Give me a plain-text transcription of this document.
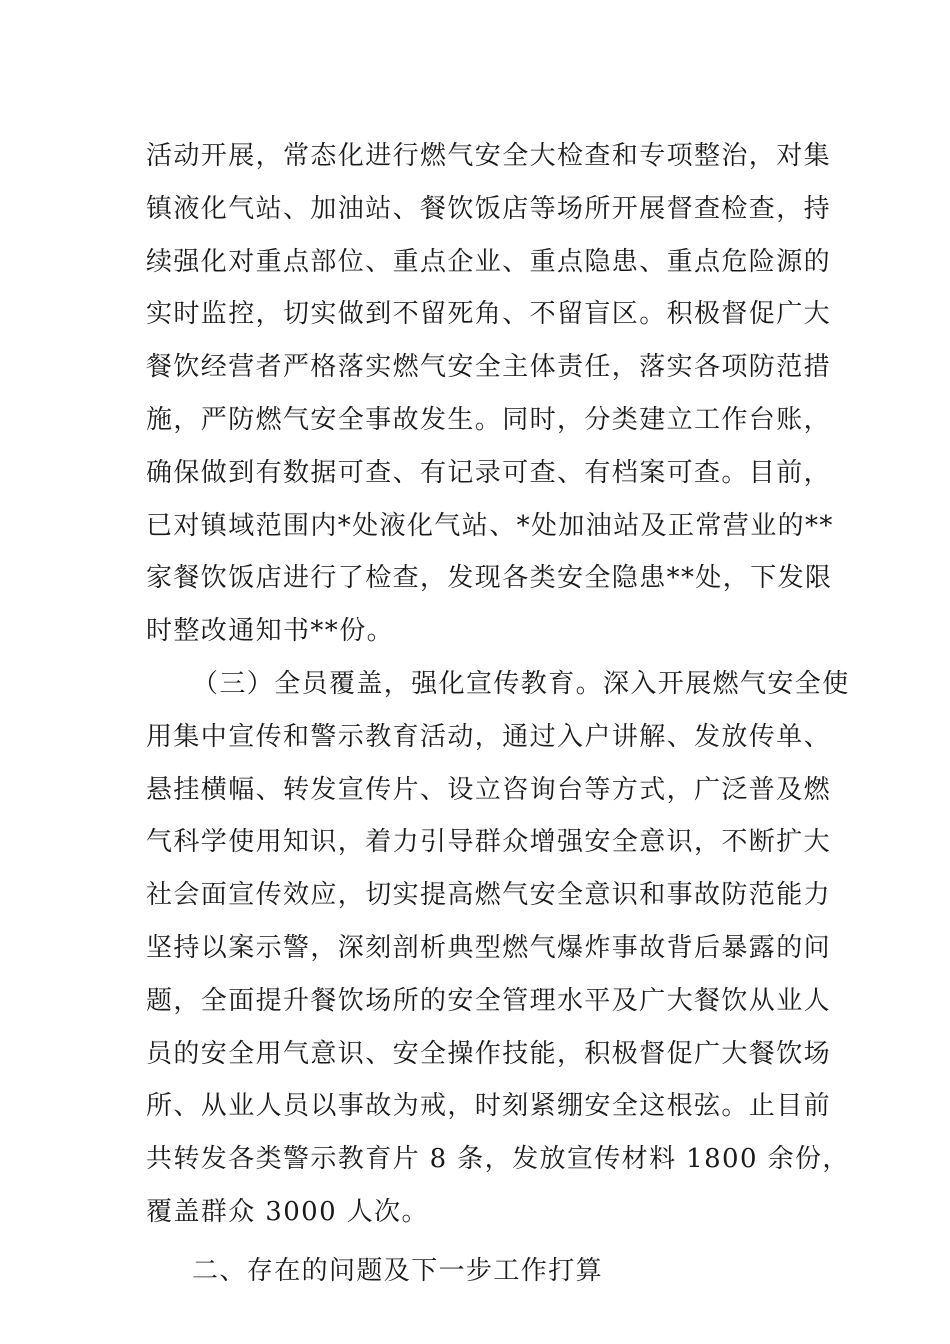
活动开展，常态化进行燃气安全大检查和专项整治，对集
镇液化气站、加油站、餐饮饭店等场所开展督查检查，持
续强化对重点部位、重点企业、重点隐患、重点危险源的
实时监控，切实做到不留死角、不留盲区。积极督促广大
餐饮经营者严格落实燃气安全主体责任，落实各项防范措
施，严防燃气安全事故发生。同时，分类建立工作台账，
确保做到有数据可查、有记录可查、有档案可查。目前，
已对镇域范围内*处液化气站、*处加油站及正常营业的**
家餐饮饭店进行了检查，发现各类安全隐患**处，下发限
时整改通知书**份。
（三）全员覆盖，强化宣传教育。深入开展燃气安全使
用集中宣传和警示教育活动，通过入户讲解、发放传单、
悬挂横幅、转发宣传片、设立咨询台等方式，广泛普及燃
气科学使用知识，着力引导群众增强安全意识，不断扩大
社会面宣传效应，切实提高燃气安全意识和事故防范能力
坚持以案示警，深刻剖析典型燃气爆炸事故背后暴露的问
题，全面提升餐饮场所的安全管理水平及广大餐饮从业人
员的安全用气意识、安全操作技能，积极督促广大餐饮场
所、从业人员以事故为戒，时刻紧绷安全这根弦。止目前
共转发各类警示教育片 8 条，发放宣传材料 1800 余份，
覆盖群众 3000 人次。
二、存在的问题及下一步工作打算
